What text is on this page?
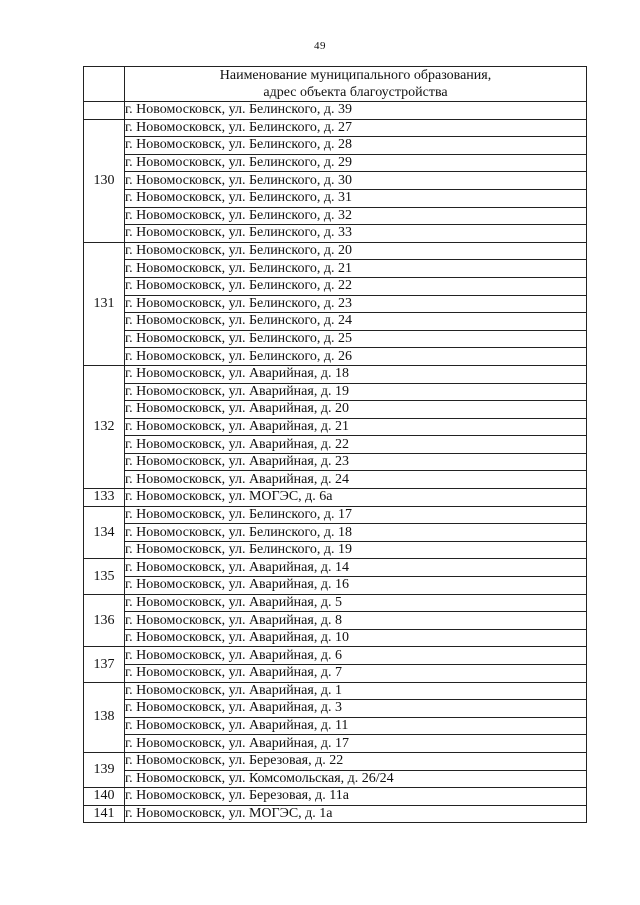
49

	Наименование муниципального образования,
адрес объекта благоустройства

	г. Новомосковск, ул. Белинского, д. 39
130	г. Новомосковск, ул. Белинского, д. 27
	г. Новомосковск, ул. Белинского, д. 28
	г. Новомосковск, ул. Белинского, д. 29
	г. Новомосковск, ул. Белинского, д. 30
	г. Новомосковск, ул. Белинского, д. 31
	г. Новомосковск, ул. Белинского, д. 32
	г. Новомосковск, ул. Белинского, д. 33
131	г. Новомосковск, ул. Белинского, д. 20
	г. Новомосковск, ул. Белинского, д. 21
	г. Новомосковск, ул. Белинского, д. 22
	г. Новомосковск, ул. Белинского, д. 23
	г. Новомосковск, ул. Белинского, д. 24
	г. Новомосковск, ул. Белинского, д. 25
	г. Новомосковск, ул. Белинского, д. 26
132	г. Новомосковск, ул. Аварийная, д. 18
	г. Новомосковск, ул. Аварийная, д. 19
	г. Новомосковск, ул. Аварийная, д. 20
	г. Новомосковск, ул. Аварийная, д. 21
	г. Новомосковск, ул. Аварийная, д. 22
	г. Новомосковск, ул. Аварийная, д. 23
	г. Новомосковск, ул. Аварийная, д. 24
133	г. Новомосковск, ул. МОГЭС, д. 6а
134	г. Новомосковск, ул. Белинского, д. 17
	г. Новомосковск, ул. Белинского, д. 18
	г. Новомосковск, ул. Белинского, д. 19
135	г. Новомосковск, ул. Аварийная, д. 14
	г. Новомосковск, ул. Аварийная, д. 16
136	г. Новомосковск, ул. Аварийная, д. 5
	г. Новомосковск, ул. Аварийная, д. 8
	г. Новомосковск, ул. Аварийная, д. 10
137	г. Новомосковск, ул. Аварийная, д. 6
	г. Новомосковск, ул. Аварийная, д. 7
138	г. Новомосковск, ул. Аварийная, д. 1
	г. Новомосковск, ул. Аварийная, д. 3
	г. Новомосковск, ул. Аварийная, д. 11
	г. Новомосковск, ул. Аварийная, д. 17
139	г. Новомосковск, ул. Березовая, д. 22
	г. Новомосковск, ул. Комсомольская, д. 26/24
140	г. Новомосковск, ул. Березовая, д. 11а
141	г. Новомосковск, ул. МОГЭС, д. 1а
